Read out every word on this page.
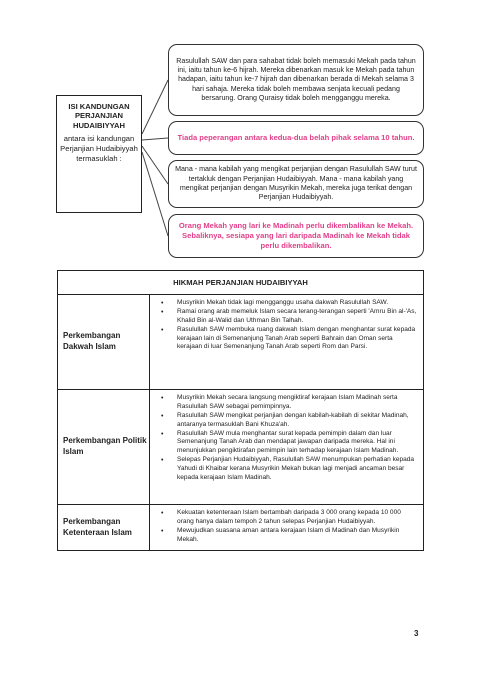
ISI KANDUNGAN PERJANJIAN HUDAIBIYYAH
antara isi kandungan Perjanjian Hudaibiyyah termasuklah :
Rasulullah SAW dan para sahabat tidak boleh memasuki Mekah pada tahun ini, iaitu tahun ke-6 hijrah. Mereka dibenarkan masuk ke Mekah pada tahun hadapan, iaitu tahun ke-7 hijrah dan dibenarkan berada di Mekah selama 3 hari sahaja. Mereka tidak boleh membawa senjata kecuali pedang bersarung. Orang Quraisy tidak boleh mengganggu mereka.
Tiada peperangan antara kedua-dua belah pihak selama 10 tahun.
Mana - mana kabilah yang mengikat perjanjian dengan Rasulullah SAW turut tertakluk dengan Perjanjian Hudaibiyyah. Mana - mana kabilah yang mengikat perjanjian dengan Musyrikin Mekah, mereka juga terikat dengan Perjanjian Hudaibiyyah.
Orang Mekah yang lari ke Madinah perlu dikembalikan ke Mekah. Sebaliknya, sesiapa yang lari daripada Madinah ke Mekah tidak perlu dikembalikan.
HIKMAH PERJANJIAN HUDAIBIYYAH
Perkembangan Dakwah Islam
• Musyrikin Mekah tidak lagi mengganggu usaha dakwah Rasulullah SAW.
• Ramai orang arab memeluk Islam secara terang-terangan seperti 'Amru Bin al-'As, Khalid Bin al-Walid dan Uthman Bin Talhah.
• Rasulullah SAW membuka ruang dakwah Islam dengan menghantar surat kepada kerajaan lain di Semenanjung Tanah Arab seperti Bahrain dan Oman serta kerajaan di luar Semenanjung Tanah Arab seperti Rom dan Parsi.
Perkembangan Politik Islam
• Musyrikin Mekah secara langsung mengiktiraf kerajaan Islam Madinah serta Rasulullah SAW sebagai pemimpinnya.
• Rasulullah SAW mengikat perjanjian dengan kabilah-kabilah di sekitar Madinah, antaranya termasuklah Bani Khuza'ah.
• Rasulullah SAW mula menghantar surat kepada pemimpin dalam dan luar Semenanjung Tanah Arab dan mendapat jawapan daripada mereka. Hal ini menunjukkan pengiktirafan pemimpin lain terhadap kerajaan Islam Madinah.
• Selepas Perjanjian Hudaibiyyah, Rasulullah SAW menumpukan perhatian kepada Yahudi di Khaibar kerana Musyrikin Mekah bukan lagi menjadi ancaman besar kepada kerajaan Islam Madinah.
Perkembangan Ketenteraan Islam
• Kekuatan ketenteraan Islam bertambah daripada 3 000 orang kepada 10 000 orang hanya dalam tempoh 2 tahun selepas Perjanjian Hudaibiyyah.
• Mewujudkan suasana aman antara kerajaan Islam di Madinah dan Musyrikin Mekah.
3
